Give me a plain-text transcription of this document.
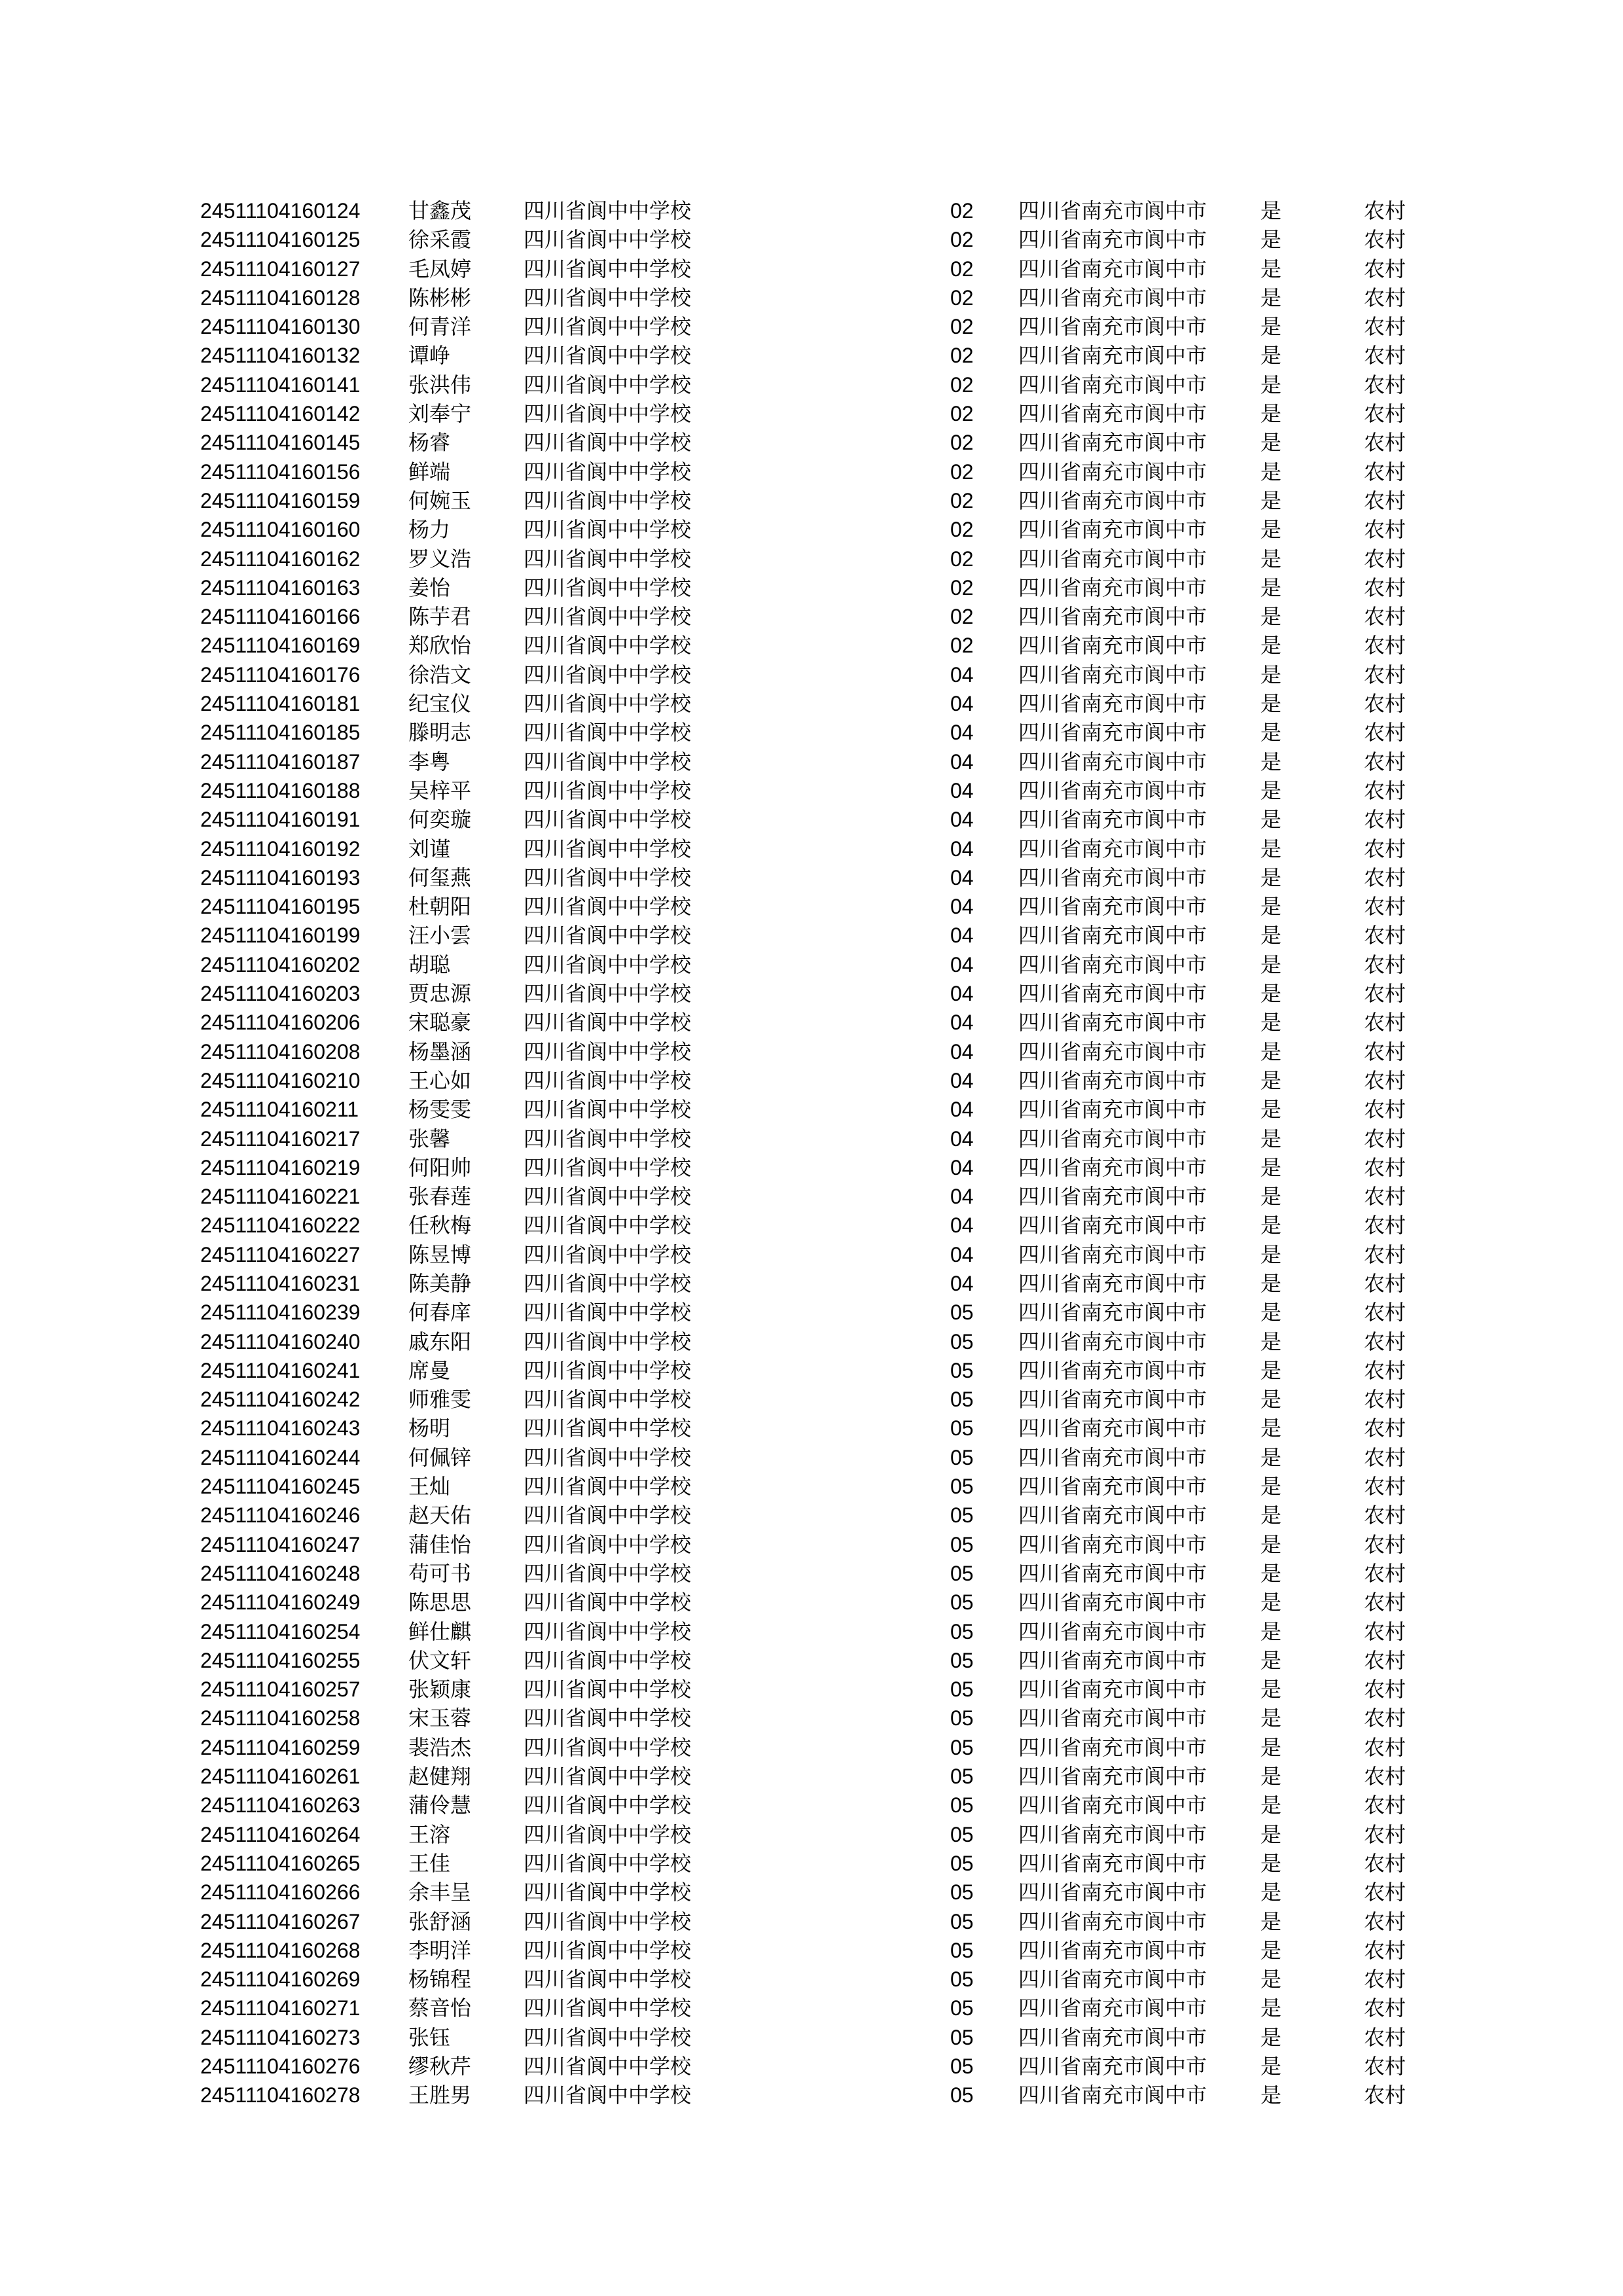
24511104160124 甘鑫茂 四川省阆中中学校	02 四川省南充市阆中市	是	农村
24511104160125 徐采霞 四川省阆中中学校	02 四川省南充市阆中市	是	农村
24511104160127 毛凤婷 四川省阆中中学校	02 四川省南充市阆中市	是	农村
24511104160128 陈彬彬 四川省阆中中学校	02 四川省南充市阆中市	是	农村
24511104160130 何青洋 四川省阆中中学校	02 四川省南充市阆中市	是	农村
24511104160132 谭峥	四川省阆中中学校	02 四川省南充市阆中市	是	农村
24511104160141 张洪伟 四川省阆中中学校	02 四川省南充市阆中市	是	农村
24511104160142 刘奉宁 四川省阆中中学校	02 四川省南充市阆中市	是	农村
24511104160145 杨睿	四川省阆中中学校	02 四川省南充市阆中市	是	农村
24511104160156 鲜端	四川省阆中中学校	02 四川省南充市阆中市	是	农村
24511104160159 何婉玉 四川省阆中中学校	02 四川省南充市阆中市	是	农村
24511104160160 杨力	四川省阆中中学校	02 四川省南充市阆中市	是	农村
24511104160162 罗义浩 四川省阆中中学校	02 四川省南充市阆中市	是	农村
24511104160163 姜怡	四川省阆中中学校	02 四川省南充市阆中市	是	农村
24511104160166 陈芋君 四川省阆中中学校	02 四川省南充市阆中市	是	农村
24511104160169 郑欣怡 四川省阆中中学校	02 四川省南充市阆中市	是	农村
24511104160176 徐浩文 四川省阆中中学校	04 四川省南充市阆中市	是	农村
24511104160181 纪宝仪 四川省阆中中学校	04 四川省南充市阆中市	是	农村
24511104160185 滕明志 四川省阆中中学校	04 四川省南充市阆中市	是	农村
24511104160187 李粤	四川省阆中中学校	04 四川省南充市阆中市	是	农村
24511104160188 吴梓平 四川省阆中中学校	04 四川省南充市阆中市	是	农村
24511104160191 何奕璇 四川省阆中中学校	04 四川省南充市阆中市	是	农村
24511104160192 刘谨	四川省阆中中学校	04 四川省南充市阆中市	是	农村
24511104160193 何玺燕 四川省阆中中学校	04 四川省南充市阆中市	是	农村
24511104160195 杜朝阳 四川省阆中中学校	04 四川省南充市阆中市	是	农村
24511104160199 汪小雲 四川省阆中中学校	04 四川省南充市阆中市	是	农村
24511104160202 胡聪	四川省阆中中学校	04 四川省南充市阆中市	是	农村
24511104160203 贾忠源 四川省阆中中学校	04 四川省南充市阆中市	是	农村
24511104160206 宋聪豪 四川省阆中中学校	04 四川省南充市阆中市	是	农村
24511104160208 杨墨涵 四川省阆中中学校	04 四川省南充市阆中市	是	农村
24511104160210 王心如 四川省阆中中学校	04 四川省南充市阆中市	是	农村
24511104160211 杨雯雯 四川省阆中中学校	04 四川省南充市阆中市	是	农村
24511104160217 张馨	四川省阆中中学校	04 四川省南充市阆中市	是	农村
24511104160219 何阳帅 四川省阆中中学校	04 四川省南充市阆中市	是	农村
24511104160221 张春莲 四川省阆中中学校	04 四川省南充市阆中市	是	农村
24511104160222 任秋梅 四川省阆中中学校	04 四川省南充市阆中市	是	农村
24511104160227 陈昱博 四川省阆中中学校	04 四川省南充市阆中市	是	农村
24511104160231 陈美静 四川省阆中中学校	04 四川省南充市阆中市	是	农村
24511104160239 何春庠 四川省阆中中学校	05 四川省南充市阆中市	是	农村
24511104160240 戚东阳 四川省阆中中学校	05 四川省南充市阆中市	是	农村
24511104160241 席曼	四川省阆中中学校	05 四川省南充市阆中市	是	农村
24511104160242 师雅雯 四川省阆中中学校	05 四川省南充市阆中市	是	农村
24511104160243 杨明	四川省阆中中学校	05 四川省南充市阆中市	是	农村
24511104160244 何佩锌 四川省阆中中学校	05 四川省南充市阆中市	是	农村
24511104160245 王灿	四川省阆中中学校	05 四川省南充市阆中市	是	农村
24511104160246 赵天佑 四川省阆中中学校	05 四川省南充市阆中市	是	农村
24511104160247 蒲佳怡 四川省阆中中学校	05 四川省南充市阆中市	是	农村
24511104160248 苟可书 四川省阆中中学校	05 四川省南充市阆中市	是	农村
24511104160249 陈思思 四川省阆中中学校	05 四川省南充市阆中市	是	农村
24511104160254 鲜仕麒 四川省阆中中学校	05 四川省南充市阆中市	是	农村
24511104160255 伏文轩 四川省阆中中学校	05 四川省南充市阆中市	是	农村
24511104160257 张颖康 四川省阆中中学校	05 四川省南充市阆中市	是	农村
24511104160258 宋玉蓉 四川省阆中中学校	05 四川省南充市阆中市	是	农村
24511104160259 裴浩杰 四川省阆中中学校	05 四川省南充市阆中市	是	农村
24511104160261 赵健翔 四川省阆中中学校	05 四川省南充市阆中市	是	农村
24511104160263 蒲伶慧 四川省阆中中学校	05 四川省南充市阆中市	是	农村
24511104160264 王溶	四川省阆中中学校	05 四川省南充市阆中市	是	农村
24511104160265 王佳	四川省阆中中学校	05 四川省南充市阆中市	是	农村
24511104160266 余丰呈 四川省阆中中学校	05 四川省南充市阆中市	是	农村
24511104160267 张舒涵 四川省阆中中学校	05 四川省南充市阆中市	是	农村
24511104160268 李明洋 四川省阆中中学校	05 四川省南充市阆中市	是	农村
24511104160269 杨锦程 四川省阆中中学校	05 四川省南充市阆中市	是	农村
24511104160271 蔡音怡 四川省阆中中学校	05 四川省南充市阆中市	是	农村
24511104160273 张钰	四川省阆中中学校	05 四川省南充市阆中市	是	农村
24511104160276 缪秋芹 四川省阆中中学校	05 四川省南充市阆中市	是	农村
24511104160278 王胜男 四川省阆中中学校	05 四川省南充市阆中市	是	农村
